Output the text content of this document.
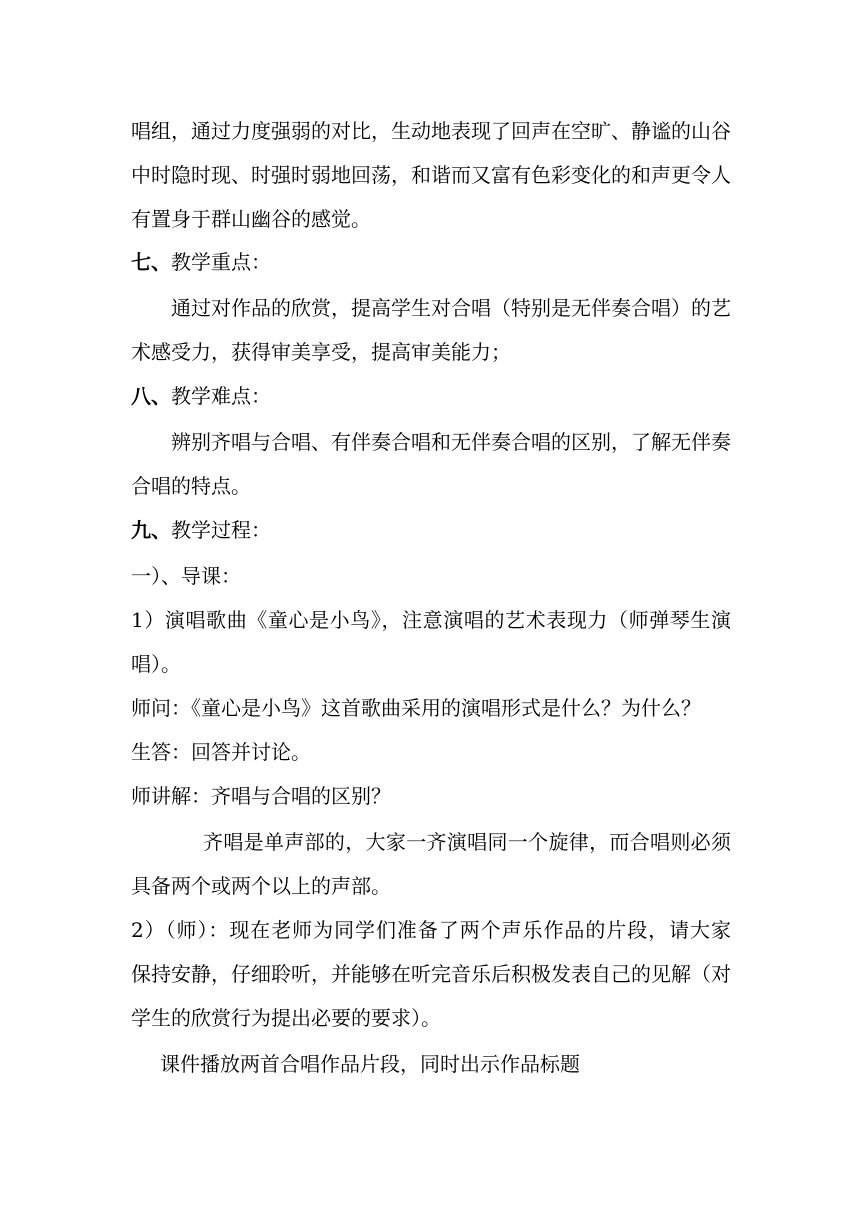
唱组，通过力度强弱的对比，生动地表现了回声在空旷、静谧的山谷
中时隐时现、时强时弱地回荡，和谐而又富有色彩变化的和声更令人
有置身于群山幽谷的感觉。
七、教学重点：
通过对作品的欣赏，提高学生对合唱（特别是无伴奏合唱）的艺
术感受力，获得审美享受，提高审美能力；
八、教学难点：
辨别齐唱与合唱、有伴奏合唱和无伴奏合唱的区别，了解无伴奏
合唱的特点。
九、教学过程：
一）、导课：
1）演唱歌曲《童心是小鸟》，注意演唱的艺术表现力（师弹琴生演
唱）。
师问：《童心是小鸟》这首歌曲采用的演唱形式是什么？为什么？
生答：回答并讨论。
师讲解：齐唱与合唱的区别？
齐唱是单声部的，大家一齐演唱同一个旋律，而合唱则必须
具备两个或两个以上的声部。
2）（师）：现在老师为同学们准备了两个声乐作品的片段，请大家
保持安静，仔细聆听，并能够在听完音乐后积极发表自己的见解（对
学生的欣赏行为提出必要的要求）。
课件播放两首合唱作品片段，同时出示作品标题
